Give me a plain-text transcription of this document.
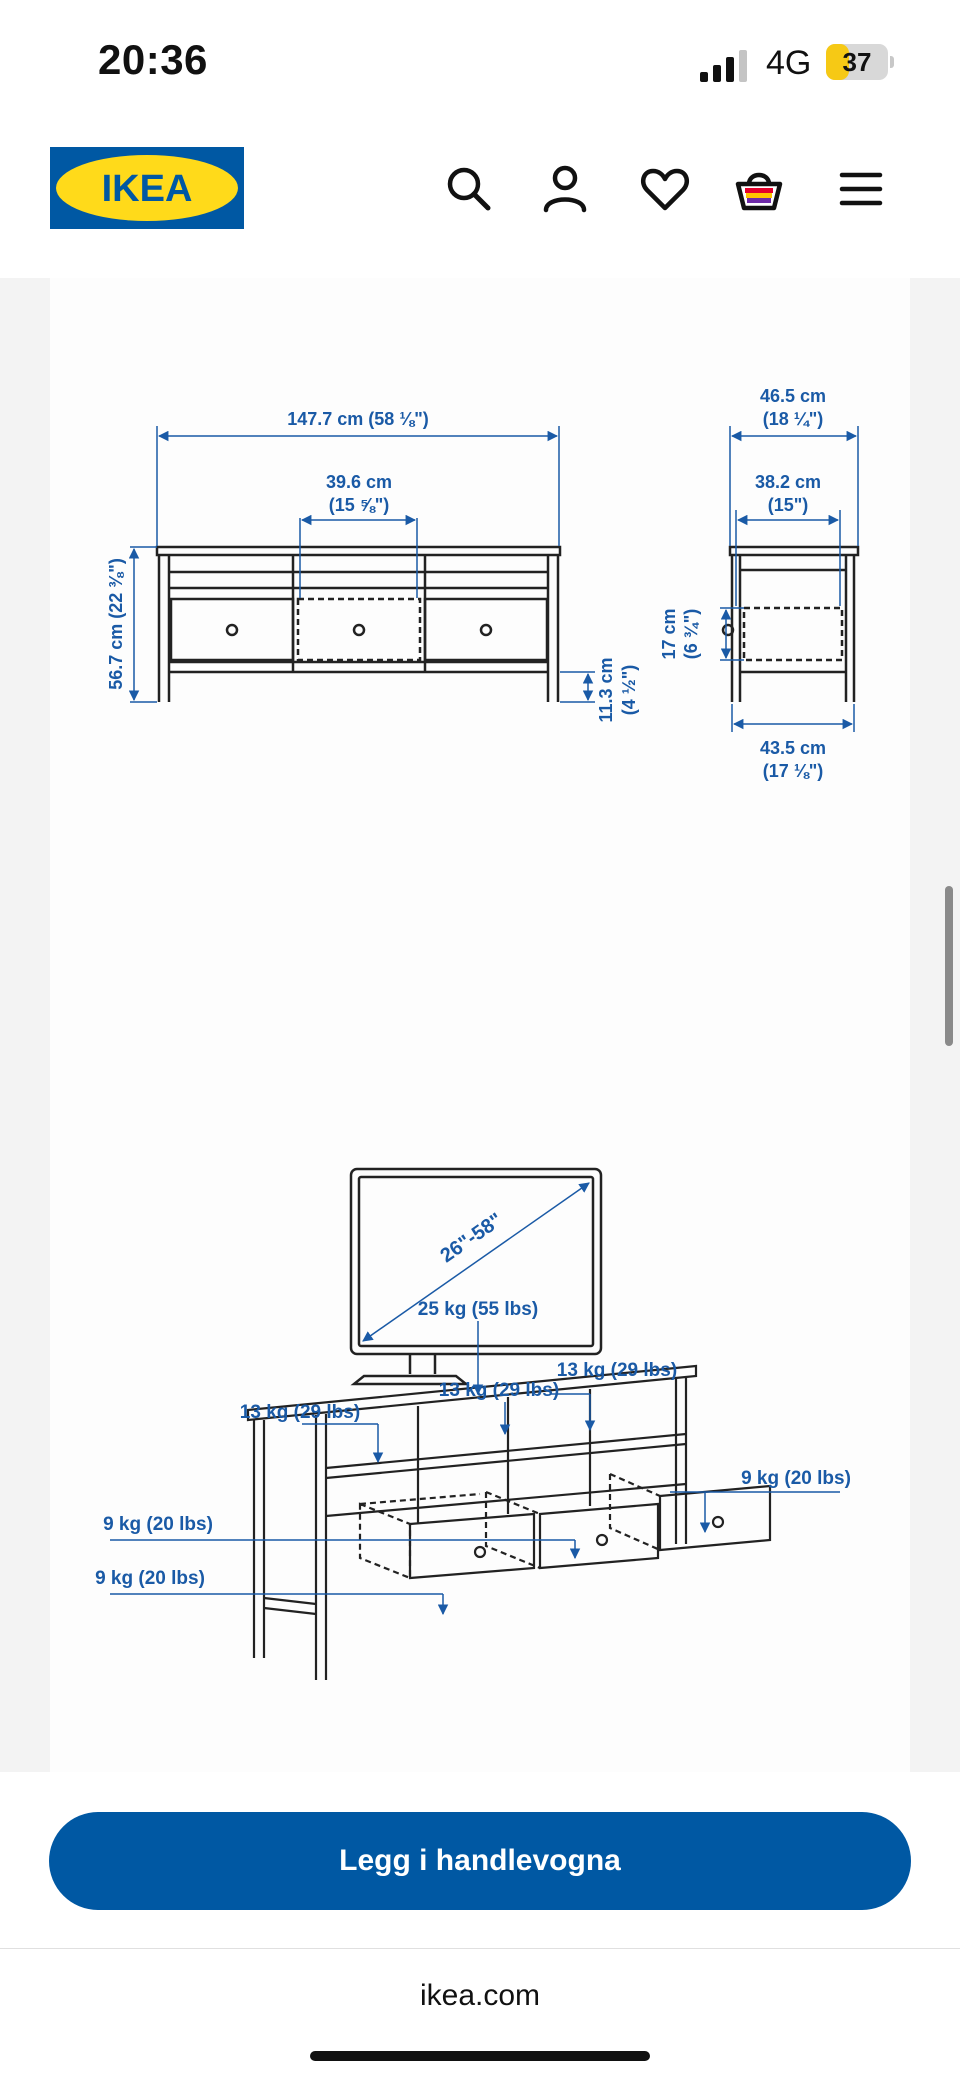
20:36	4G	37
IKEA
147.7 cm (58 ⅛")
39.6 cm
(15 ⅝")
56.7 cm (22 ⅜")
11.3 cm (4 ½")
46.5 cm
(18 ¼")
38.2 cm
(15")
17 cm (6 ¾")
43.5 cm
(17 ⅛")
26"-58"
25 kg (55 lbs)
13 kg (29 lbs)
13 kg (29 lbs)
13 kg (29 lbs)
9 kg (20 lbs)
9 kg (20 lbs)
9 kg (20 lbs)
Legg i handlevogna
ikea.com
